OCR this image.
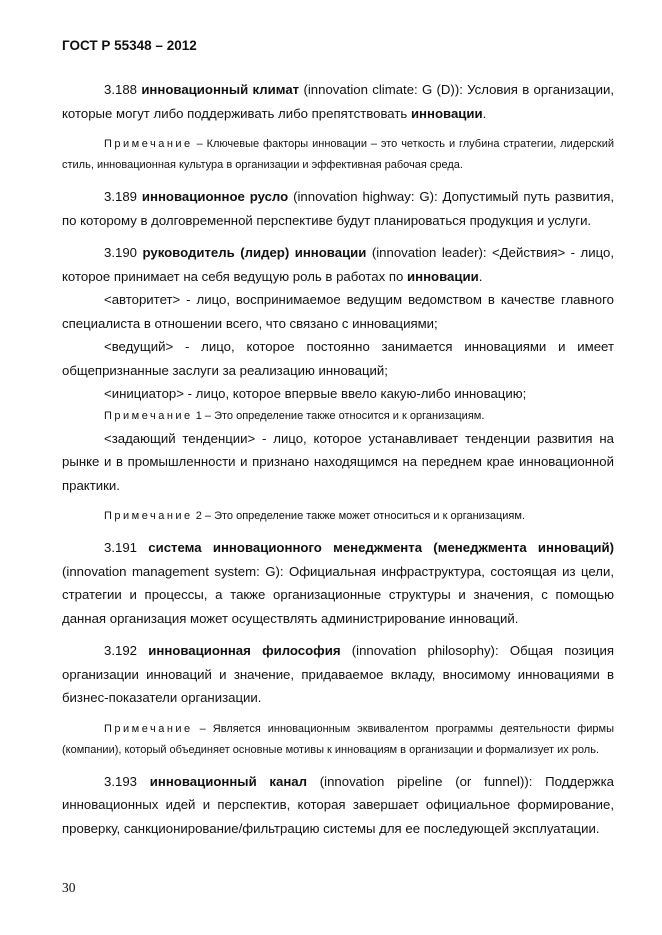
ГОСТ Р 55348 – 2012

3.188 инновационный климат (innovation climate: G (D)): Условия в организации, которые могут либо поддерживать либо препятствовать инновации.

Примечание – Ключевые факторы инновации – это четкость и глубина стратегии, лидерский стиль, инновационная культура в организации и эффективная рабочая среда.

3.189 инновационное русло (innovation highway: G): Допустимый путь развития, по которому в долговременной перспективе будут планироваться продукция и услуги.

3.190 руководитель (лидер) инновации (innovation leader): <Действия> - лицо, которое принимает на себя ведущую роль в работах по инновации.

<авторитет> - лицо, воспринимаемое ведущим ведомством в качестве главного специалиста в отношении всего, что связано с инновациями;

<ведущий> - лицо, которое постоянно занимается инновациями и имеет общепризнанные заслуги за реализацию инноваций;

<инициатор> - лицо, которое впервые ввело какую-либо инновацию;

Примечание 1 – Это определение также относится и к организациям.

<задающий тенденции> - лицо, которое устанавливает тенденции развития на рынке и в промышленности и признано находящимся на переднем крае инновационной практики.

Примечание 2 – Это определение также может относиться и к организациям.

3.191 система инновационного менеджмента (менеджмента инноваций) (innovation management system: G): Официальная инфраструктура, состоящая из цели, стратегии и процессы, а также организационные структуры и значения, с помощью данная организация может осуществлять администрирование инноваций.

3.192 инновационная философия (innovation philosophy): Общая позиция организации инноваций и значение, придаваемое вкладу, вносимому инновациями в бизнес-показатели организации.

Примечание – Является инновационным эквивалентом программы деятельности фирмы (компании), который объединяет основные мотивы к инновациям в организации и формализует их роль.

3.193 инновационный канал (innovation pipeline (or funnel)): Поддержка инновационных идей и перспектив, которая завершает официальное формирование, проверку, санкционирование/фильтрацию системы для ее последующей эксплуатации.

30
